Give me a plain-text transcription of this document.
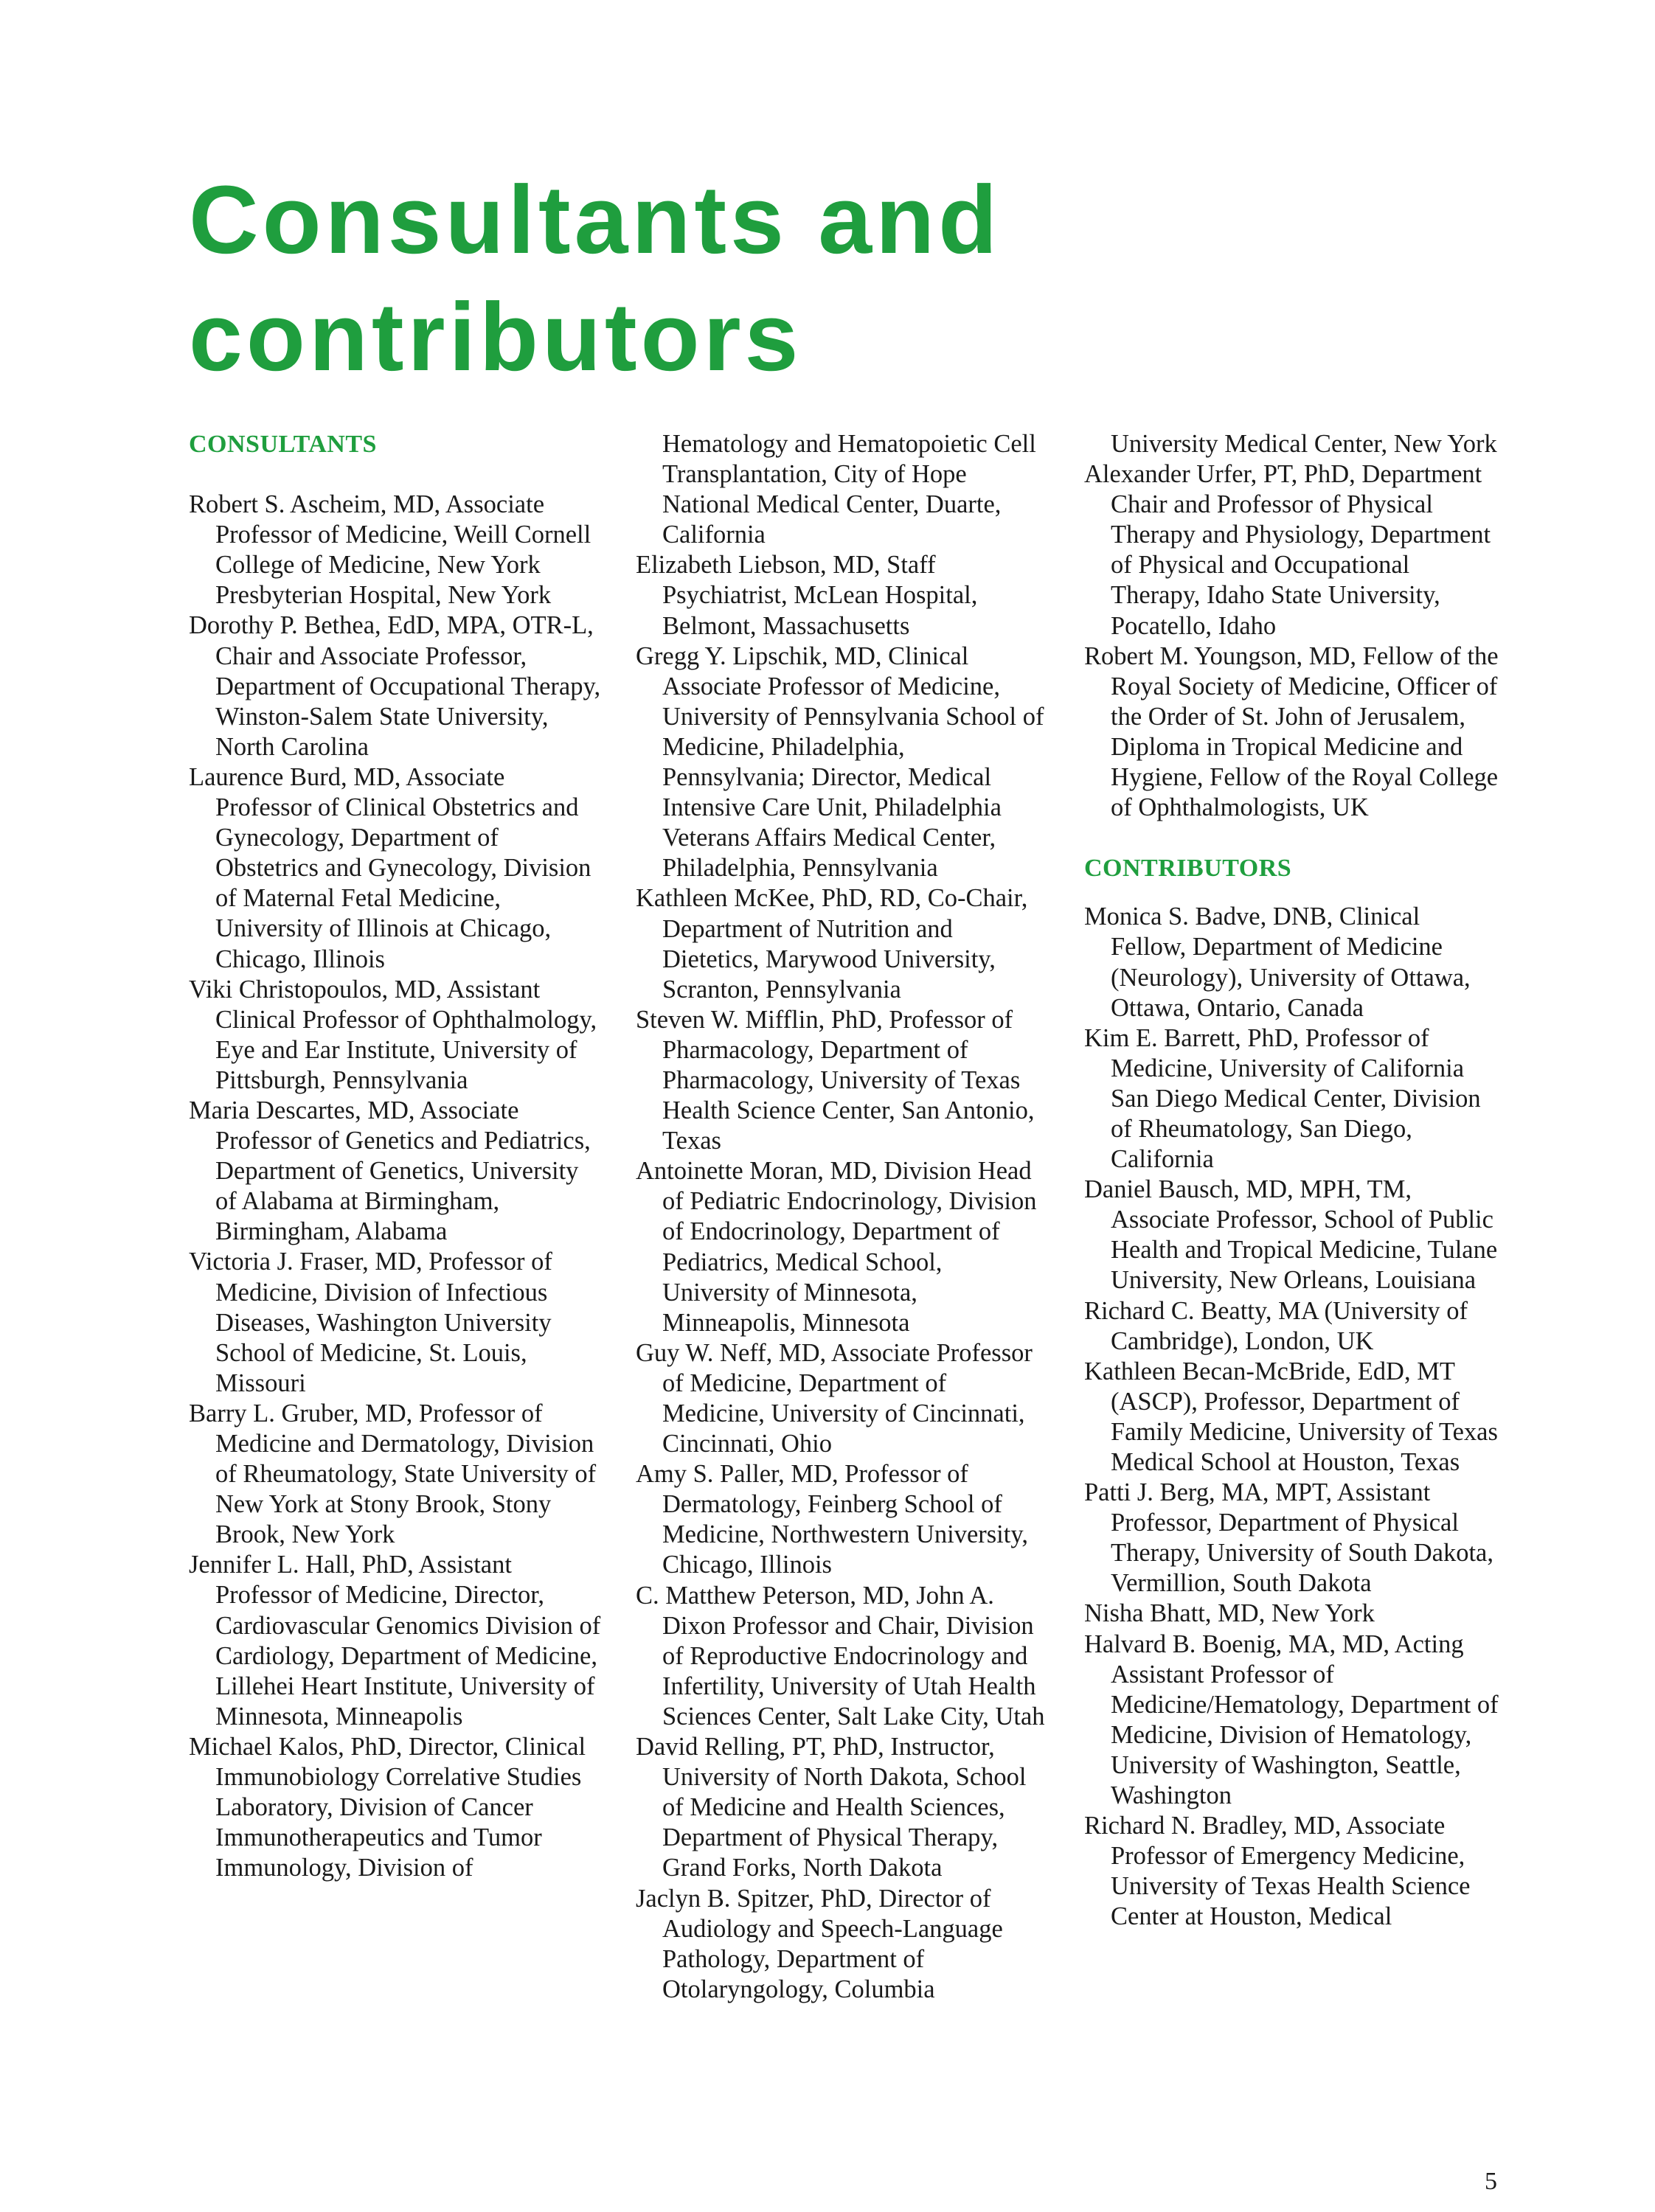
Consultants and
contributors
CONSULTANTS

Robert S. Ascheim, MD, Associate Professor of Medicine, Weill Cornell College of Medicine, New York Presbyterian Hospital, New York

Dorothy P. Bethea, EdD, MPA, OTR-L, Chair and Associate Professor, Department of Occupational Therapy, Winston-Salem State University, North Carolina

Laurence Burd, MD, Associate Professor of Clinical Obstetrics and Gynecology, Department of Obstetrics and Gynecology, Division of Maternal Fetal Medicine, University of Illinois at Chicago, Chicago, Illinois

Viki Christopoulos, MD, Assistant Clinical Professor of Ophthalmology, Eye and Ear Institute, University of Pittsburgh, Pennsylvania

Maria Descartes, MD, Associate Professor of Genetics and Pediatrics, Department of Genetics, University of Alabama at Birmingham, Birmingham, Alabama

Victoria J. Fraser, MD, Professor of Medicine, Division of Infectious Diseases, Washington University School of Medicine, St. Louis, Missouri

Barry L. Gruber, MD, Professor of Medicine and Dermatology, Division of Rheumatology, State University of New York at Stony Brook, Stony Brook, New York

Jennifer L. Hall, PhD, Assistant Professor of Medicine, Director, Cardiovascular Genomics Division of Cardiology, Department of Medicine, Lillehei Heart Institute, University of Minnesota, Minneapolis

Michael Kalos, PhD, Director, Clinical Immunobiology Correlative Studies Laboratory, Division of Cancer Immunotherapeutics and Tumor Immunology, Division of

Hematology and Hematopoietic Cell Transplantation, City of Hope National Medical Center, Duarte, California

Elizabeth Liebson, MD, Staff Psychiatrist, McLean Hospital, Belmont, Massachusetts

Gregg Y. Lipschik, MD, Clinical Associate Professor of Medicine, University of Pennsylvania School of Medicine, Philadelphia, Pennsylvania; Director, Medical Intensive Care Unit, Philadelphia Veterans Affairs Medical Center, Philadelphia, Pennsylvania

Kathleen McKee, PhD, RD, Co-Chair, Department of Nutrition and Dietetics, Marywood University, Scranton, Pennsylvania

Steven W. Mifflin, PhD, Professor of Pharmacology, Department of Pharmacology, University of Texas Health Science Center, San Antonio, Texas

Antoinette Moran, MD, Division Head of Pediatric Endocrinology, Division of Endocrinology, Department of Pediatrics, Medical School, University of Minnesota, Minneapolis, Minnesota

Guy W. Neff, MD, Associate Professor of Medicine, Department of Medicine, University of Cincinnati, Cincinnati, Ohio

Amy S. Paller, MD, Professor of Dermatology, Feinberg School of Medicine, Northwestern University, Chicago, Illinois

C. Matthew Peterson, MD, John A. Dixon Professor and Chair, Division of Reproductive Endocrinology and Infertility, University of Utah Health Sciences Center, Salt Lake City, Utah

David Relling, PT, PhD, Instructor, University of North Dakota, School of Medicine and Health Sciences, Department of Physical Therapy, Grand Forks, North Dakota

Jaclyn B. Spitzer, PhD, Director of Audiology and Speech-Language Pathology, Department of Otolaryngology, Columbia

University Medical Center, New York

Alexander Urfer, PT, PhD, Department Chair and Professor of Physical Therapy and Physiology, Department of Physical and Occupational Therapy, Idaho State University, Pocatello, Idaho

Robert M. Youngson, MD, Fellow of the Royal Society of Medicine, Officer of the Order of St. John of Jerusalem, Diploma in Tropical Medicine and Hygiene, Fellow of the Royal College of Ophthalmologists, UK

CONTRIBUTORS

Monica S. Badve, DNB, Clinical Fellow, Department of Medicine (Neurology), University of Ottawa, Ottawa, Ontario, Canada

Kim E. Barrett, PhD, Professor of Medicine, University of California San Diego Medical Center, Division of Rheumatology, San Diego, California

Daniel Bausch, MD, MPH, TM, Associate Professor, School of Public Health and Tropical Medicine, Tulane University, New Orleans, Louisiana

Richard C. Beatty, MA (University of Cambridge), London, UK

Kathleen Becan-McBride, EdD, MT (ASCP), Professor, Department of Family Medicine, University of Texas Medical School at Houston, Texas

Patti J. Berg, MA, MPT, Assistant Professor, Department of Physical Therapy, University of South Dakota, Vermillion, South Dakota

Nisha Bhatt, MD, New York

Halvard B. Boenig, MA, MD, Acting Assistant Professor of Medicine/Hematology, Department of Medicine, Division of Hematology, University of Washington, Seattle, Washington

Richard N. Bradley, MD, Associate Professor of Emergency Medicine, University of Texas Health Science Center at Houston, Medical

5
